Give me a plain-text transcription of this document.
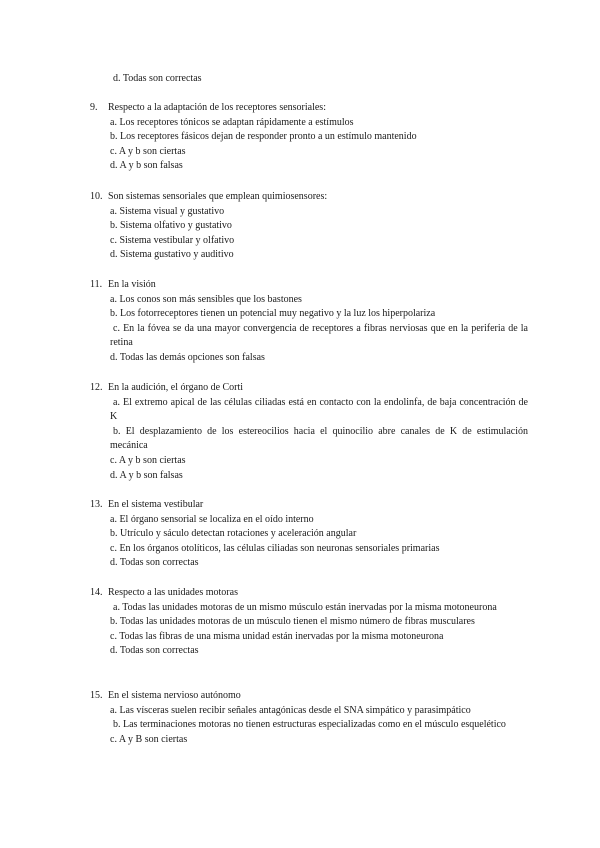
d. Todas son correctas
9.	Respecto a la adaptación de los receptores sensoriales:
a. Los receptores tónicos se adaptan rápidamente a estímulos
b. Los receptores fásicos dejan de responder pronto a un estímulo mantenido
c. A y b son ciertas
d. A y b son falsas
10. Son sistemas sensoriales que emplean quimiosensores:
a. Sistema visual y gustativo
b. Sistema olfativo y gustativo
c. Sistema vestibular y olfativo
d. Sistema gustativo y auditivo
11. En la visión
a. Los conos son más sensibles que los bastones
b. Los fotorreceptores tienen un potencial muy negativo y la luz los hiperpolariza
c. En la fóvea se da una mayor convergencia de receptores a fibras nerviosas que en la periferia de la retina
d. Todas las demás opciones son falsas
12. En la audición, el órgano de Corti
a. El extremo apical de las células ciliadas está en contacto con la endolinfa, de baja concentración de K
b. El desplazamiento de los estereocilios hacia el quinocilio abre canales de K de estimulación mecánica
c. A y b son ciertas
d. A y b son falsas
13. En el sistema vestibular
a. El órgano sensorial se localiza en el oído interno
b. Utrículo y sáculo detectan rotaciones y aceleración angular
c. En los órganos otolíticos, las células ciliadas son neuronas sensoriales primarias
d. Todas son correctas
14. Respecto a las unidades motoras
a. Todas las unidades motoras de un mismo músculo están inervadas por la misma motoneurona
b. Todas las unidades motoras de un músculo tienen el mismo número de fibras musculares
c. Todas las fibras de una misma unidad están inervadas por la misma motoneurona
d. Todas son correctas
15. En el sistema nervioso autónomo
a. Las vísceras suelen recibir señales antagónicas desde el SNA simpático y parasimpático
b. Las terminaciones motoras no tienen estructuras especializadas como en el músculo esquelético
c. A y B son ciertas
